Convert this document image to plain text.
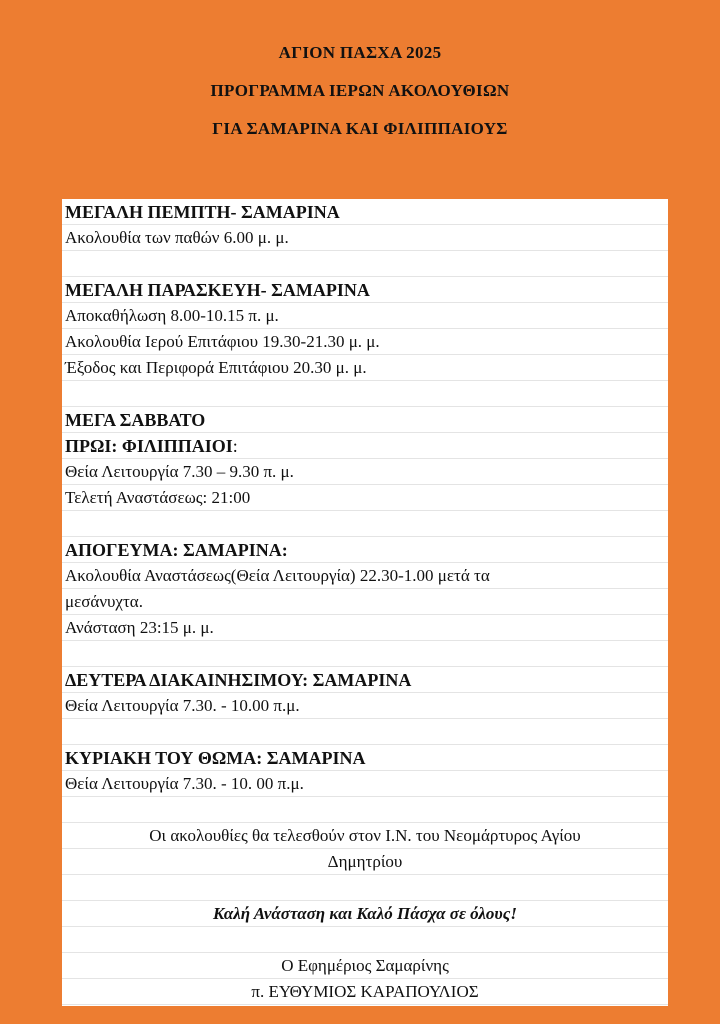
ΑΓΙΟΝ ΠΑΣΧΑ 2025
ΠΡΟΓΡΑΜΜΑ ΙΕΡΩΝ ΑΚΟΛΟΥΘΙΩΝ
ΓΙΑ ΣΑΜΑΡΙΝΑ ΚΑΙ ΦΙΛΙΠΠΑΙΟΥΣ
ΜΕΓΑΛΗ ΠΕΜΠΤΗ- ΣΑΜΑΡΙΝΑ
Ακολουθία των παθών 6.00 μ. μ.
ΜΕΓΑΛΗ ΠΑΡΑΣΚΕΥΗ- ΣΑΜΑΡΙΝΑ
Αποκαθήλωση 8.00-10.15 π. μ.
Ακολουθία Ιερού Επιτάφιου 19.30-21.30 μ. μ.
Έξοδος και Περιφορά Επιτάφιου 20.30 μ. μ.
ΜΕΓΑ ΣΑΒΒΑΤΟ
ΠΡΩΙ: ΦΙΛΙΠΠΑΙΟΙ:
Θεία Λειτουργία 7.30 – 9.30 π. μ.
Τελετή Αναστάσεως: 21:00
ΑΠΟΓΕΥΜΑ: ΣΑΜΑΡΙΝΑ:
Ακολουθία Αναστάσεως(Θεία Λειτουργία) 22.30-1.00 μετά τα
μεσάνυχτα.
Ανάσταση 23:15 μ. μ.
ΔΕΥΤΕΡΑ ΔΙΑΚΑΙΝΗΣΙΜΟΥ: ΣΑΜΑΡΙΝΑ
Θεία Λειτουργία 7.30. - 10.00 π.μ.
ΚΥΡΙΑΚΗ ΤΟΥ ΘΩΜΑ: ΣΑΜΑΡΙΝΑ
Θεία Λειτουργία 7.30. - 10. 00 π.μ.
Οι ακολουθίες θα τελεσθούν στον Ι.Ν. του Νεομάρτυρος Αγίου
Δημητρίου
Καλή Ανάσταση και Καλό Πάσχα σε όλους!
Ο Εφημέριος Σαμαρίνης
π. ΕΥΘΥΜΙΟΣ ΚΑΡΑΠΟΥΛΙΟΣ
